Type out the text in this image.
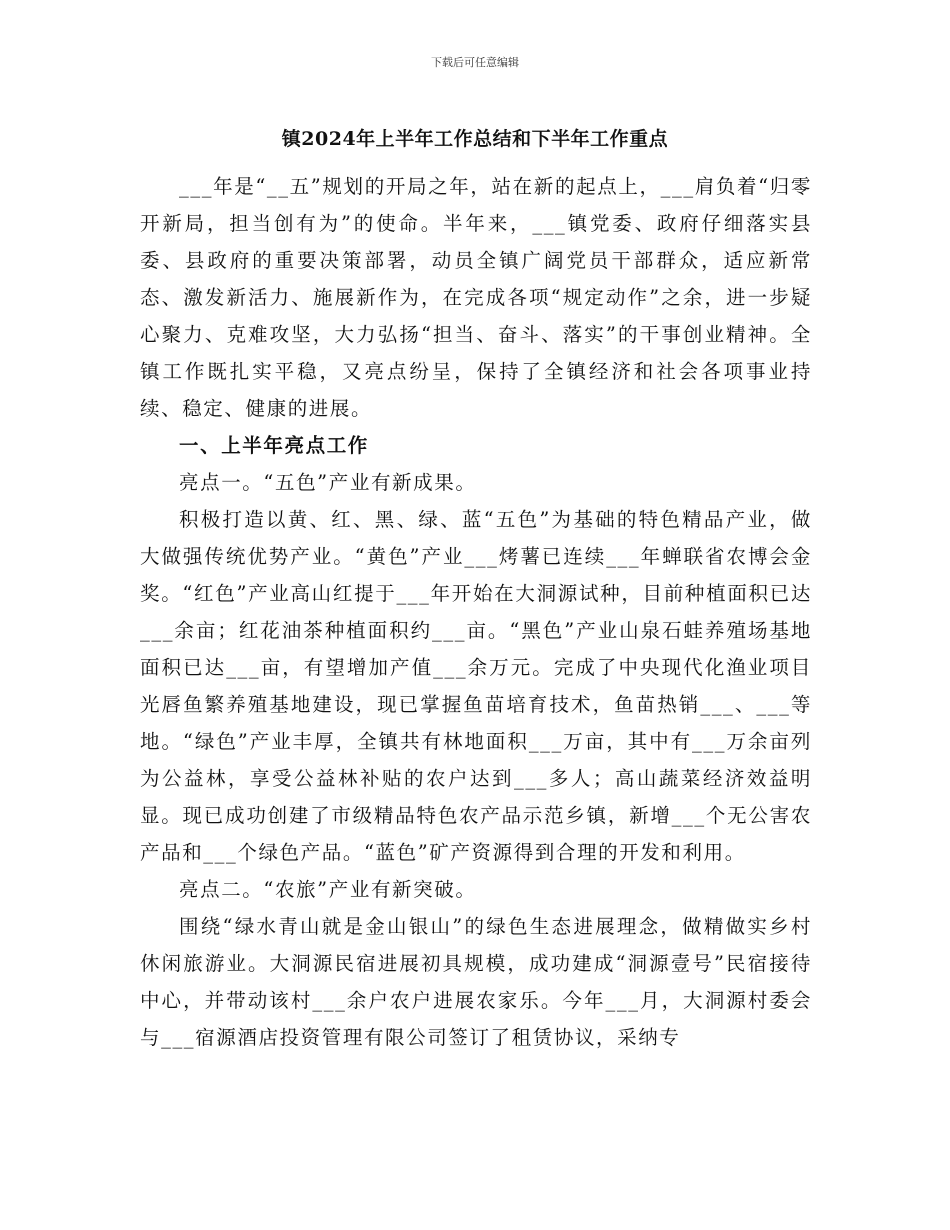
下载后可任意编辑
镇2024年上半年工作总结和下半年工作重点

___年是“__五”规划的开局之年，站在新的起点上，___肩负着“归零开新局，担当创有为”的使命。半年来，___镇党委、政府仔细落实县委、县政府的重要决策部署，动员全镇广阔党员干部群众，适应新常态、激发新活力、施展新作为，在完成各项“规定动作”之余，进一步疑心聚力、克难攻坚，大力弘扬“担当、奋斗、落实”的干事创业精神。全镇工作既扎实平稳，又亮点纷呈，保持了全镇经济和社会各项事业持续、稳定、健康的进展。

一、上半年亮点工作

亮点一。“五色”产业有新成果。

积极打造以黄、红、黑、绿、蓝“五色”为基础的特色精品产业，做大做强传统优势产业。“黄色”产业___烤薯已连续___年蝉联省农博会金奖。“红色”产业高山红提于___年开始在大洞源试种，目前种植面积已达___余亩；红花油茶种植面积约___亩。“黑色”产业山泉石蛙养殖场基地面积已达___亩，有望增加产值___余万元。完成了中央现代化渔业项目光唇鱼繁养殖基地建设，现已掌握鱼苗培育技术，鱼苗热销___、___等地。“绿色”产业丰厚，全镇共有林地面积___万亩，其中有___万余亩列为公益林，享受公益林补贴的农户达到___多人；高山蔬菜经济效益明显。现已成功创建了市级精品特色农产品示范乡镇，新增___个无公害农产品和___个绿色产品。“蓝色”矿产资源得到合理的开发和利用。

亮点二。“农旅”产业有新突破。

围绕“绿水青山就是金山银山”的绿色生态进展理念，做精做实乡村休闲旅游业。大洞源民宿进展初具规模，成功建成“洞源壹号”民宿接待中心，并带动该村___余户农户进展农家乐。今年___月，大洞源村委会与___宿源酒店投资管理有限公司签订了租赁协议，采纳专
